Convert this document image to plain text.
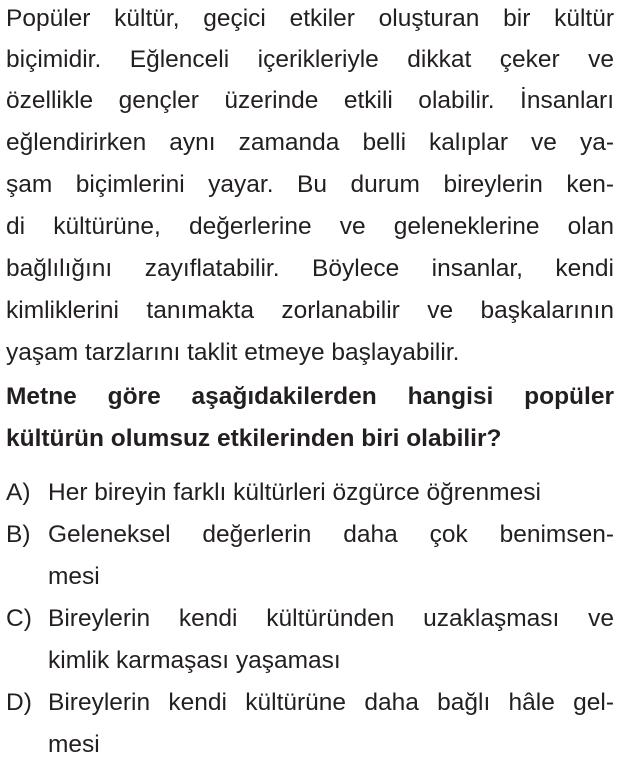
Popüler kültür, geçici etkiler oluşturan bir kültür
biçimidir. Eğlenceli içerikleriyle dikkat çeker ve
özellikle gençler üzerinde etkili olabilir. İnsanları
eğlendirirken aynı zamanda belli kalıplar ve ya-
şam biçimlerini yayar. Bu durum bireylerin ken-
di kültürüne, değerlerine ve geleneklerine olan
bağlılığını zayıflatabilir. Böylece insanlar, kendi
kimliklerini tanımakta zorlanabilir ve başkalarının
yaşam tarzlarını taklit etmeye başlayabilir.
Metne göre aşağıdakilerden hangisi popüler
kültürün olumsuz etkilerinden biri olabilir?
A) Her bireyin farklı kültürleri özgürce öğrenmesi
B) Geleneksel değerlerin daha çok benimsen-
mesi
C) Bireylerin kendi kültüründen uzaklaşması ve
kimlik karmaşası yaşaması
D) Bireylerin kendi kültürüne daha bağlı hâle gel-
mesi
